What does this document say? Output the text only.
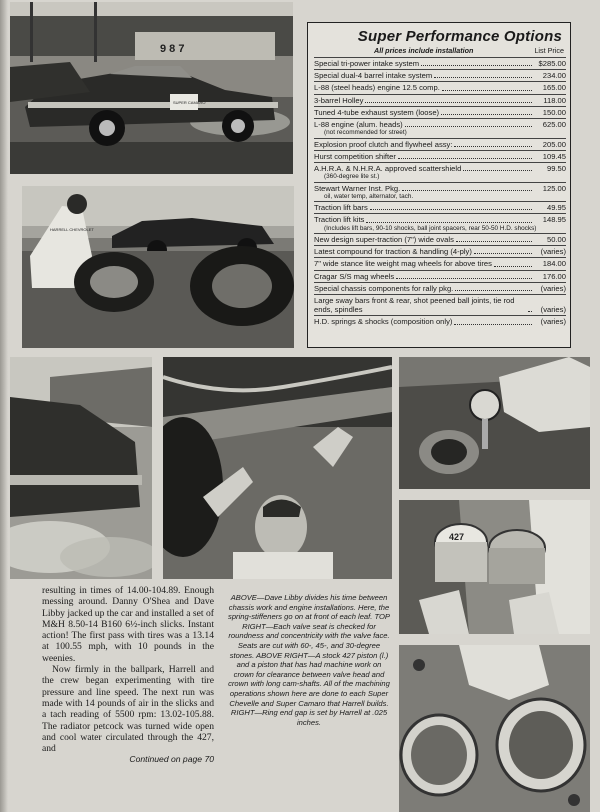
9 8 7
SUPER CAMARO
HARRELL CHEVROLET
Super Performance Options
All prices include installation	List Price
Special tri-power intake system	$285.00
Special dual-4 barrel intake system	234.00
L-88 (steel heads) engine 12.5 comp.	165.00
3-barrel Holley	118.00
Tuned 4-tube exhaust system (loose)	150.00
L-88 engine (alum. heads)	625.00
(not recommended for street)
Explosion proof clutch and flywheel assy:	205.00
Hurst competition shifter	109.45
A.H.R.A. & N.H.R.A. approved scattershield	99.50
(360-degree lite st.)
Stewart Warner Inst. Pkg.	125.00
oil, water temp, alternator, tach.
Traction lift bars	49.95
Traction lift kits	148.95
(Includes lift bars, 90-10 shocks, ball joint spacers, rear 50-50 H.D. shocks)
New design super-traction (7") wide ovals	50.00
Latest compound for traction & handling (4-ply)	(varies)
7" wide stance lite weight mag wheels for above tires	184.00
Cragar S/S mag wheels	176.00
Special chassis components for rally pkg.	(varies)
Large sway bars front & rear, shot peened ball joints, tie rod ends, spindles	(varies)
H.D. springs & shocks (composition only)	(varies)
427

resulting in times of 14.00-104.89. Enough messing around. Danny O'Shea and Dave Libby jacked up the car and installed a set of M&H 8.50-14 B160 6½-inch slicks. Instant action! The first pass with tires was a 13.14 at 100.55 mph, with 10 pounds in the weenies.

Now firmly in the ballpark, Harrell and the crew began experimenting with tire pressure and line speed. The next run was made with 14 pounds of air in the slicks and a tach reading of 5500 rpm: 13.02-105.88. The radiator petcock was turned wide open and cool water circulated through the 427, and

Continued on page 70
ABOVE—Dave Libby divides his time between chassis work and engine installations. Here, the spring-stiffeners go on at front of each leaf. TOP RIGHT—Each valve seat is checked for roundness and concentricity with the valve face. Seats are cut with 60-, 45-, and 30-degree stones. ABOVE RIGHT—A stock 427 piston (l.) and a piston that has had machine work on crown for clearance between valve head and crown with long cam-shafts. All of the machining operations shown here are done to each Super Chevelle and Super Camaro that Harrell builds. RIGHT—Ring end gap is set by Harrell at .025 inches.
